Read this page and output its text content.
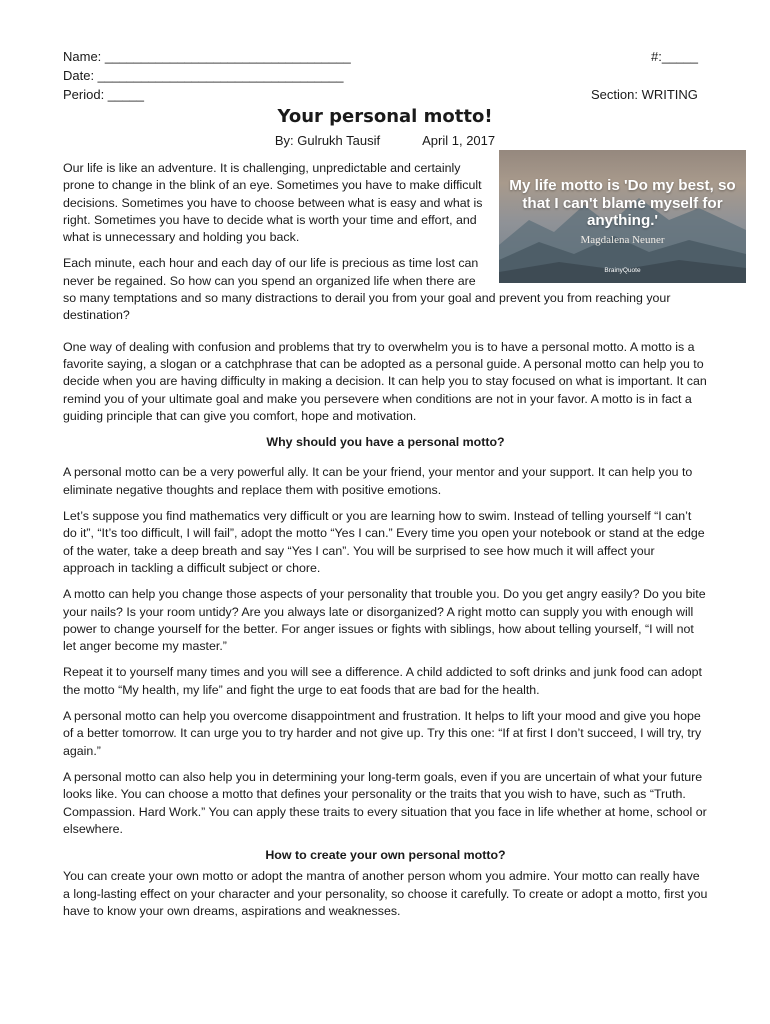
Name: __________________________________
Date: __________________________________
Period: _____
#:_____
Section: WRITING
Your personal motto!
By: Gulrukh Tausif	April 1, 2017
My life motto is 'Do my best, so that I can't blame myself for anything.'
Magdalena Neuner
BrainyQuote

Our life is like an adventure. It is challenging, unpredictable and certainly prone to change in the blink of an eye. Sometimes you have to make difficult decisions. Sometimes you have to choose between what is easy and what is right. Sometimes you have to decide what is worth your time and effort, and what is unnecessary and holding you back.

Each minute, each hour and each day of our life is precious as time lost can never be regained. So how can you spend an organized life when there are so many temptations and so many distractions to derail you from your goal and prevent you from reaching your destination?

One way of dealing with confusion and problems that try to overwhelm you is to have a personal motto. A motto is a favorite saying, a slogan or a catchphrase that can be adopted as a personal guide. A personal motto can help you to decide when you are having difficulty in making a decision. It can help you to stay focused on what is important. It can remind you of your ultimate goal and make you persevere when conditions are not in your favor. A motto is in fact a guiding principle that can give you comfort, hope and motivation.

Why should you have a personal motto?

A personal motto can be a very powerful ally. It can be your friend, your mentor and your support. It can help you to eliminate negative thoughts and replace them with positive emotions.

Let’s suppose you find mathematics very difficult or you are learning how to swim. Instead of telling yourself “I can’t do it”, “It’s too difficult, I will fail”, adopt the motto “Yes I can.” Every time you open your notebook or stand at the edge of the water, take a deep breath and say “Yes I can”. You will be surprised to see how much it will affect your approach in tackling a difficult subject or chore.

A motto can help you change those aspects of your personality that trouble you. Do you get angry easily? Do you bite your nails? Is your room untidy? Are you always late or disorganized? A right motto can supply you with enough will power to change yourself for the better. For anger issues or fights with siblings, how about telling yourself, “I will not let anger become my master.”

Repeat it to yourself many times and you will see a difference. A child addicted to soft drinks and junk food can adopt the motto “My health, my life” and fight the urge to eat foods that are bad for the health.

A personal motto can help you overcome disappointment and frustration. It helps to lift your mood and give you hope of a better tomorrow. It can urge you to try harder and not give up. Try this one: “If at first I don’t succeed, I will try, try again.”

A personal motto can also help you in determining your long-term goals, even if you are uncertain of what your future looks like. You can choose a motto that defines your personality or the traits that you wish to have, such as “Truth. Compassion. Hard Work.” You can apply these traits to every situation that you face in life whether at home, school or elsewhere.

How to create your own personal motto?

You can create your own motto or adopt the mantra of another person whom you admire. Your motto can really have a long-lasting effect on your character and your personality, so choose it carefully. To create or adopt a motto, first you have to know your own dreams, aspirations and weaknesses.
